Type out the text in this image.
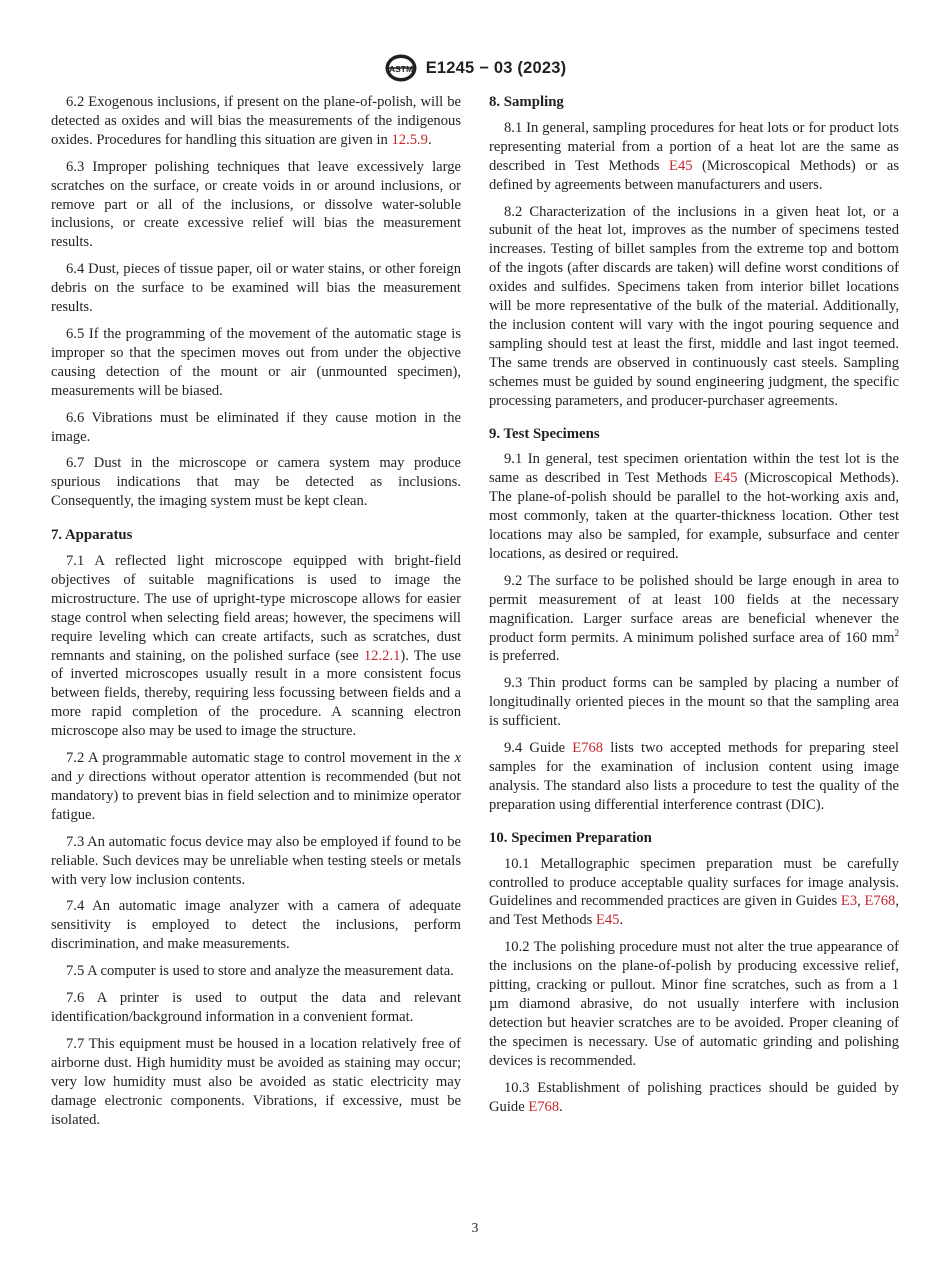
ASTM E1245 − 03 (2023)

6.2 Exogenous inclusions, if present on the plane-of-polish, will be detected as oxides and will bias the measurements of the indigenous oxides. Procedures for handling this situation are given in 12.5.9.

6.3 Improper polishing techniques that leave excessively large scratches on the surface, or create voids in or around inclusions, or remove part or all of the inclusions, or dissolve water-soluble inclusions, or create excessive relief will bias the measurement results.

6.4 Dust, pieces of tissue paper, oil or water stains, or other foreign debris on the surface to be examined will bias the measurement results.

6.5 If the programming of the movement of the automatic stage is improper so that the specimen moves out from under the objective causing detection of the mount or air (unmounted specimen), measurements will be biased.

6.6 Vibrations must be eliminated if they cause motion in the image.

6.7 Dust in the microscope or camera system may produce spurious indications that may be detected as inclusions. Consequently, the imaging system must be kept clean.

7. Apparatus

7.1 A reflected light microscope equipped with bright-field objectives of suitable magnifications is used to image the microstructure. The use of upright-type microscope allows for easier stage control when selecting field areas; however, the specimens will require leveling which can create artifacts, such as scratches, dust remnants and staining, on the polished surface (see 12.2.1). The use of inverted microscopes usually result in a more consistent focus between fields, thereby, requiring less focussing between fields and a more rapid completion of the procedure. A scanning electron microscope also may be used to image the structure.

7.2 A programmable automatic stage to control movement in the x and y directions without operator attention is recommended (but not mandatory) to prevent bias in field selection and to minimize operator fatigue.

7.3 An automatic focus device may also be employed if found to be reliable. Such devices may be unreliable when testing steels or metals with very low inclusion contents.

7.4 An automatic image analyzer with a camera of adequate sensitivity is employed to detect the inclusions, perform discrimination, and make measurements.

7.5 A computer is used to store and analyze the measurement data.

7.6 A printer is used to output the data and relevant identification/background information in a convenient format.

7.7 This equipment must be housed in a location relatively free of airborne dust. High humidity must be avoided as staining may occur; very low humidity must also be avoided as static electricity may damage electronic components. Vibrations, if excessive, must be isolated.

8. Sampling

8.1 In general, sampling procedures for heat lots or for product lots representing material from a portion of a heat lot are the same as described in Test Methods E45 (Microscopical Methods) or as defined by agreements between manufacturers and users.

8.2 Characterization of the inclusions in a given heat lot, or a subunit of the heat lot, improves as the number of specimens tested increases. Testing of billet samples from the extreme top and bottom of the ingots (after discards are taken) will define worst conditions of oxides and sulfides. Specimens taken from interior billet locations will be more representative of the bulk of the material. Additionally, the inclusion content will vary with the ingot pouring sequence and sampling should test at least the first, middle and last ingot teemed. The same trends are observed in continuously cast steels. Sampling schemes must be guided by sound engineering judgment, the specific processing parameters, and producer-purchaser agreements.

9. Test Specimens

9.1 In general, test specimen orientation within the test lot is the same as described in Test Methods E45 (Microscopical Methods). The plane-of-polish should be parallel to the hot-working axis and, most commonly, taken at the quarter-thickness location. Other test locations may also be sampled, for example, subsurface and center locations, as desired or required.

9.2 The surface to be polished should be large enough in area to permit measurement of at least 100 fields at the necessary magnification. Larger surface areas are beneficial whenever the product form permits. A minimum polished surface area of 160 $mm^2$ is preferred.

9.3 Thin product forms can be sampled by placing a number of longitudinally oriented pieces in the mount so that the sampling area is sufficient.

9.4 Guide E768 lists two accepted methods for preparing steel samples for the examination of inclusion content using image analysis. The standard also lists a procedure to test the quality of the preparation using differential interference contrast (DIC).

10. Specimen Preparation

10.1 Metallographic specimen preparation must be carefully controlled to produce acceptable quality surfaces for image analysis. Guidelines and recommended practices are given in Guides E3, E768, and Test Methods E45.

10.2 The polishing procedure must not alter the true appearance of the inclusions on the plane-of-polish by producing excessive relief, pitting, cracking or pullout. Minor fine scratches, such as from a 1 µm diamond abrasive, do not usually interfere with inclusion detection but heavier scratches are to be avoided. Proper cleaning of the specimen is necessary. Use of automatic grinding and polishing devices is recommended.

10.3 Establishment of polishing practices should be guided by Guide E768.

3
